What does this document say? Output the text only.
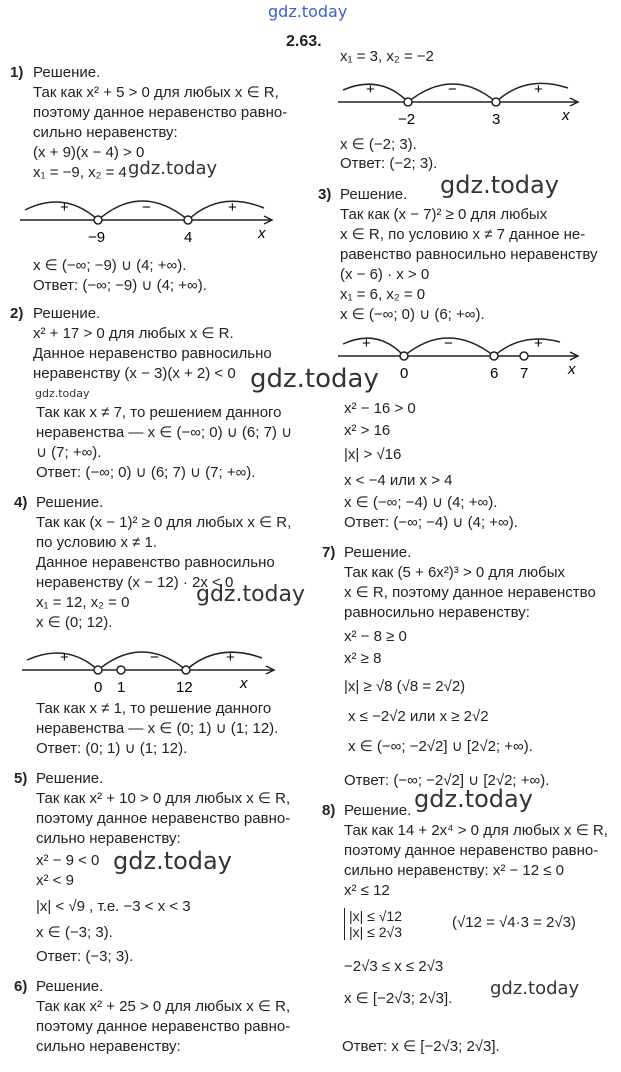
gdz.today
2.63.
1) Решение.
Так как x² + 5 > 0 для любых x ∈ R,
поэтому данное неравенство равно-
сильно неравенству:
(x + 9)(x − 4) > 0
x₁ = −9, x₂ = 4 gdz.today
+	−	+
−9	4	x
x ∈ (−∞; −9) ∪ (4; +∞).
Ответ: (−∞; −9) ∪ (4; +∞).
2) Решение.
x² + 17 > 0 для любых x ∈ R.
Данное неравенство равносильно
неравенству (x − 3)(x + 2) < 0
gdz.today
Так как x ≠ 7, то решением данного
неравенства — x ∈ (−∞; 0) ∪ (6; 7) ∪
∪ (7; +∞).
Ответ: (−∞; 0) ∪ (6; 7) ∪ (7; +∞).
4) Решение.
Так как (x − 1)² ≥ 0 для любых x ∈ R,
по условию x ≠ 1.
Данное неравенство равносильно
неравенству (x − 12) · 2x < 0
x₁ = 12, x₂ = 0
x ∈ (0; 12).
gdz.today
+	−	+
0 1	12	x
Так как x ≠ 1, то решение данного
неравенства — x ∈ (0; 1) ∪ (1; 12).
Ответ: (0; 1) ∪ (1; 12).
5) Решение.
Так как x² + 10 > 0 для любых x ∈ R,
поэтому данное неравенство равно-
сильно неравенству:
x² − 9 < 0
x² < 9
|x| < √9 , т.е. −3 < x < 3
x ∈ (−3; 3).
Ответ: (−3; 3).
gdz.today
6) Решение.
Так как x² + 25 > 0 для любых x ∈ R,
поэтому данное неравенство равно-
сильно неравенству:
x₁ = 3, x₂ = −2
+	−	+
−2	3	x
x ∈ (−2; 3).
Ответ: (−2; 3).
3) Решение. gdz.today
Так как (x − 7)² ≥ 0 для любых
x ∈ R, по условию x ≠ 7 данное не-
равенство равносильно неравенству
(x − 6) · x > 0
x₁ = 6, x₂ = 0
x ∈ (−∞; 0) ∪ (6; +∞).
+	−	+
0	6 7	x
gdz.today
x² − 16 > 0
x² > 16
|x| > √16
x < −4 или x > 4
x ∈ (−∞; −4) ∪ (4; +∞).
Ответ: (−∞; −4) ∪ (4; +∞).
7) Решение.
Так как (5 + 6x²)³ > 0 для любых
x ∈ R, поэтому данное неравенство
равносильно неравенству:
x² − 8 ≥ 0
x² ≥ 8
|x| ≥ √8 (√8 = 2√2)
x ≤ −2√2 или x ≥ 2√2
x ∈ (−∞; −2√2] ∪ [2√2; +∞).
Ответ: (−∞; −2√2] ∪ [2√2; +∞).
8) Решение. gdz.today
Так как 14 + 2x⁴ > 0 для любых x ∈ R,
поэтому данное неравенство равно-
сильно неравенству: x² − 12 ≤ 0
x² ≤ 12
|x| ≤ √12
|x| ≤ 2√3
(√12 = √4·3 = 2√3)
−2√3 ≤ x ≤ 2√3
x ∈ [−2√3; 2√3]. gdz.today
Ответ: x ∈ [−2√3; 2√3].
